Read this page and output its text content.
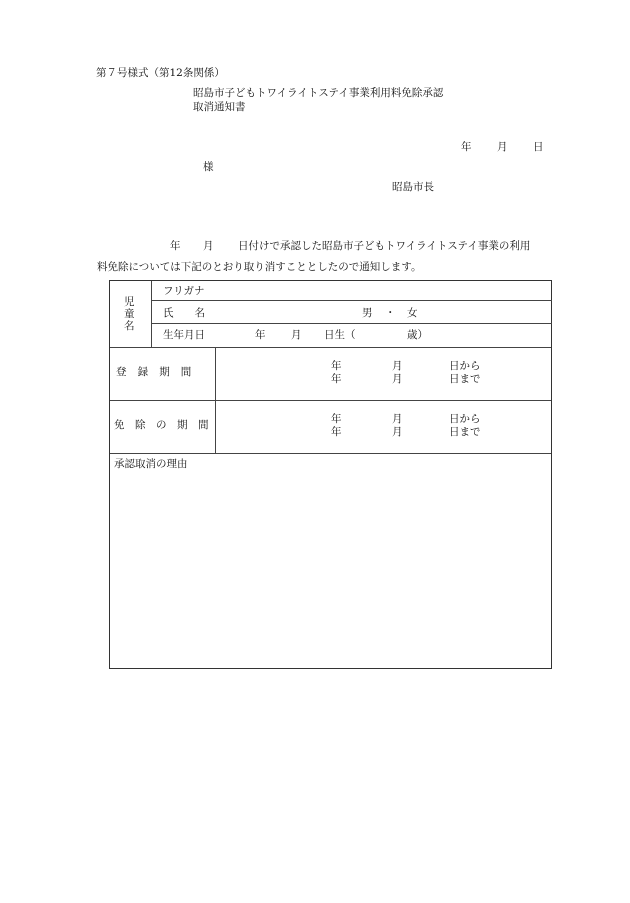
第７号様式（第12条関係）
昭島市子どもトワイライトステイ事業利用料免除承認
取消通知書
年 月 日
様
昭島市長
年 月 日付けで承認した昭島市子どもトワイライトステイ事業の利用
料免除については下記のとおり取り消すこととしたので通知します。
児
童
名
フリガナ
氏　　名	男 ・ 女
生年月日	年 月 日生（	歳）
登　録　期　間	年	月	日から
年	月	日まで
免　除　の　期　間	年	月	日から
年	月	日まで
承認取消の理由
